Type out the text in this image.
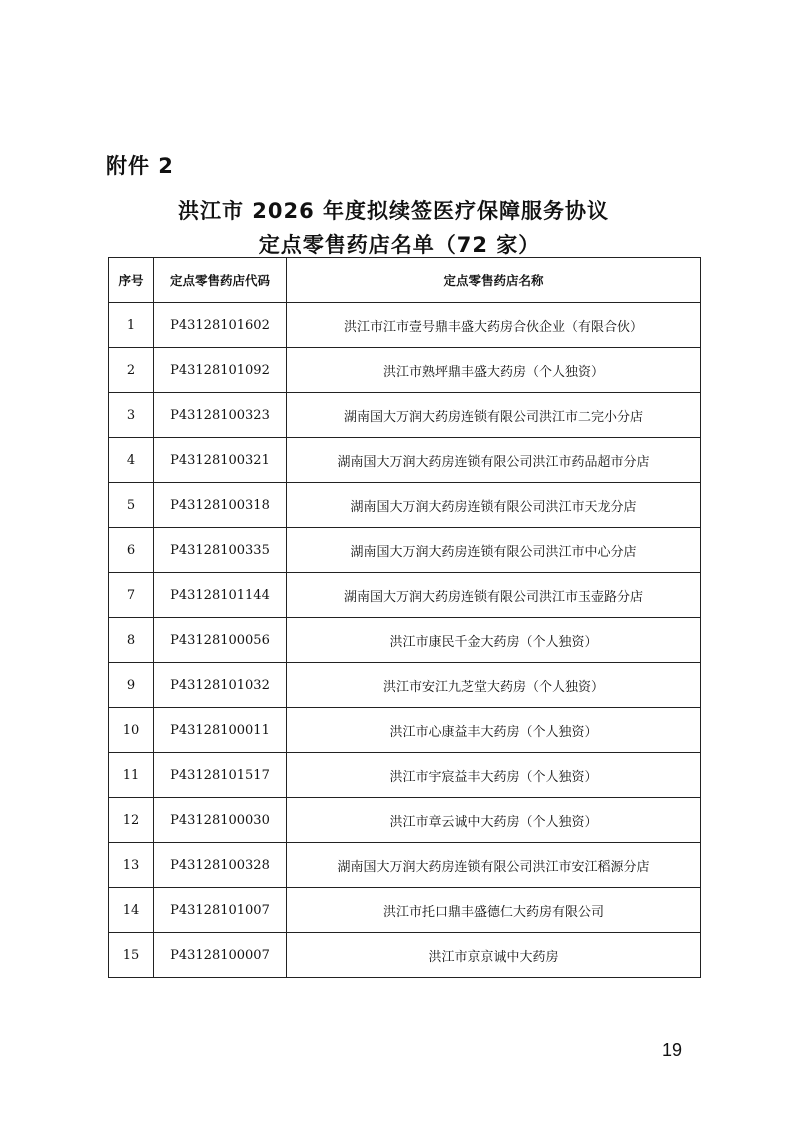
附件 2
洪江市 2026 年度拟续签医疗保障服务协议
定点零售药店名单（72 家）
序号	定点零售药店代码	定点零售药店名称
1	P43128101602	洪江市江市壹号鼎丰盛大药房合伙企业（有限合伙）
2	P43128101092	洪江市熟坪鼎丰盛大药房（个人独资）
3	P43128100323	湖南国大万润大药房连锁有限公司洪江市二完小分店
4	P43128100321	湖南国大万润大药房连锁有限公司洪江市药品超市分店
5	P43128100318	湖南国大万润大药房连锁有限公司洪江市天龙分店
6	P43128100335	湖南国大万润大药房连锁有限公司洪江市中心分店
7	P43128101144	湖南国大万润大药房连锁有限公司洪江市玉壶路分店
8	P43128100056	洪江市康民千金大药房（个人独资）
9	P43128101032	洪江市安江九芝堂大药房（个人独资）
10	P43128100011	洪江市心康益丰大药房（个人独资）
11	P43128101517	洪江市宇宸益丰大药房（个人独资）
12	P43128100030	洪江市章云诚中大药房（个人独资）
13	P43128100328	湖南国大万润大药房连锁有限公司洪江市安江稻源分店
14	P43128101007	洪江市托口鼎丰盛德仁大药房有限公司
15	P43128100007	洪江市京京诚中大药房
19
